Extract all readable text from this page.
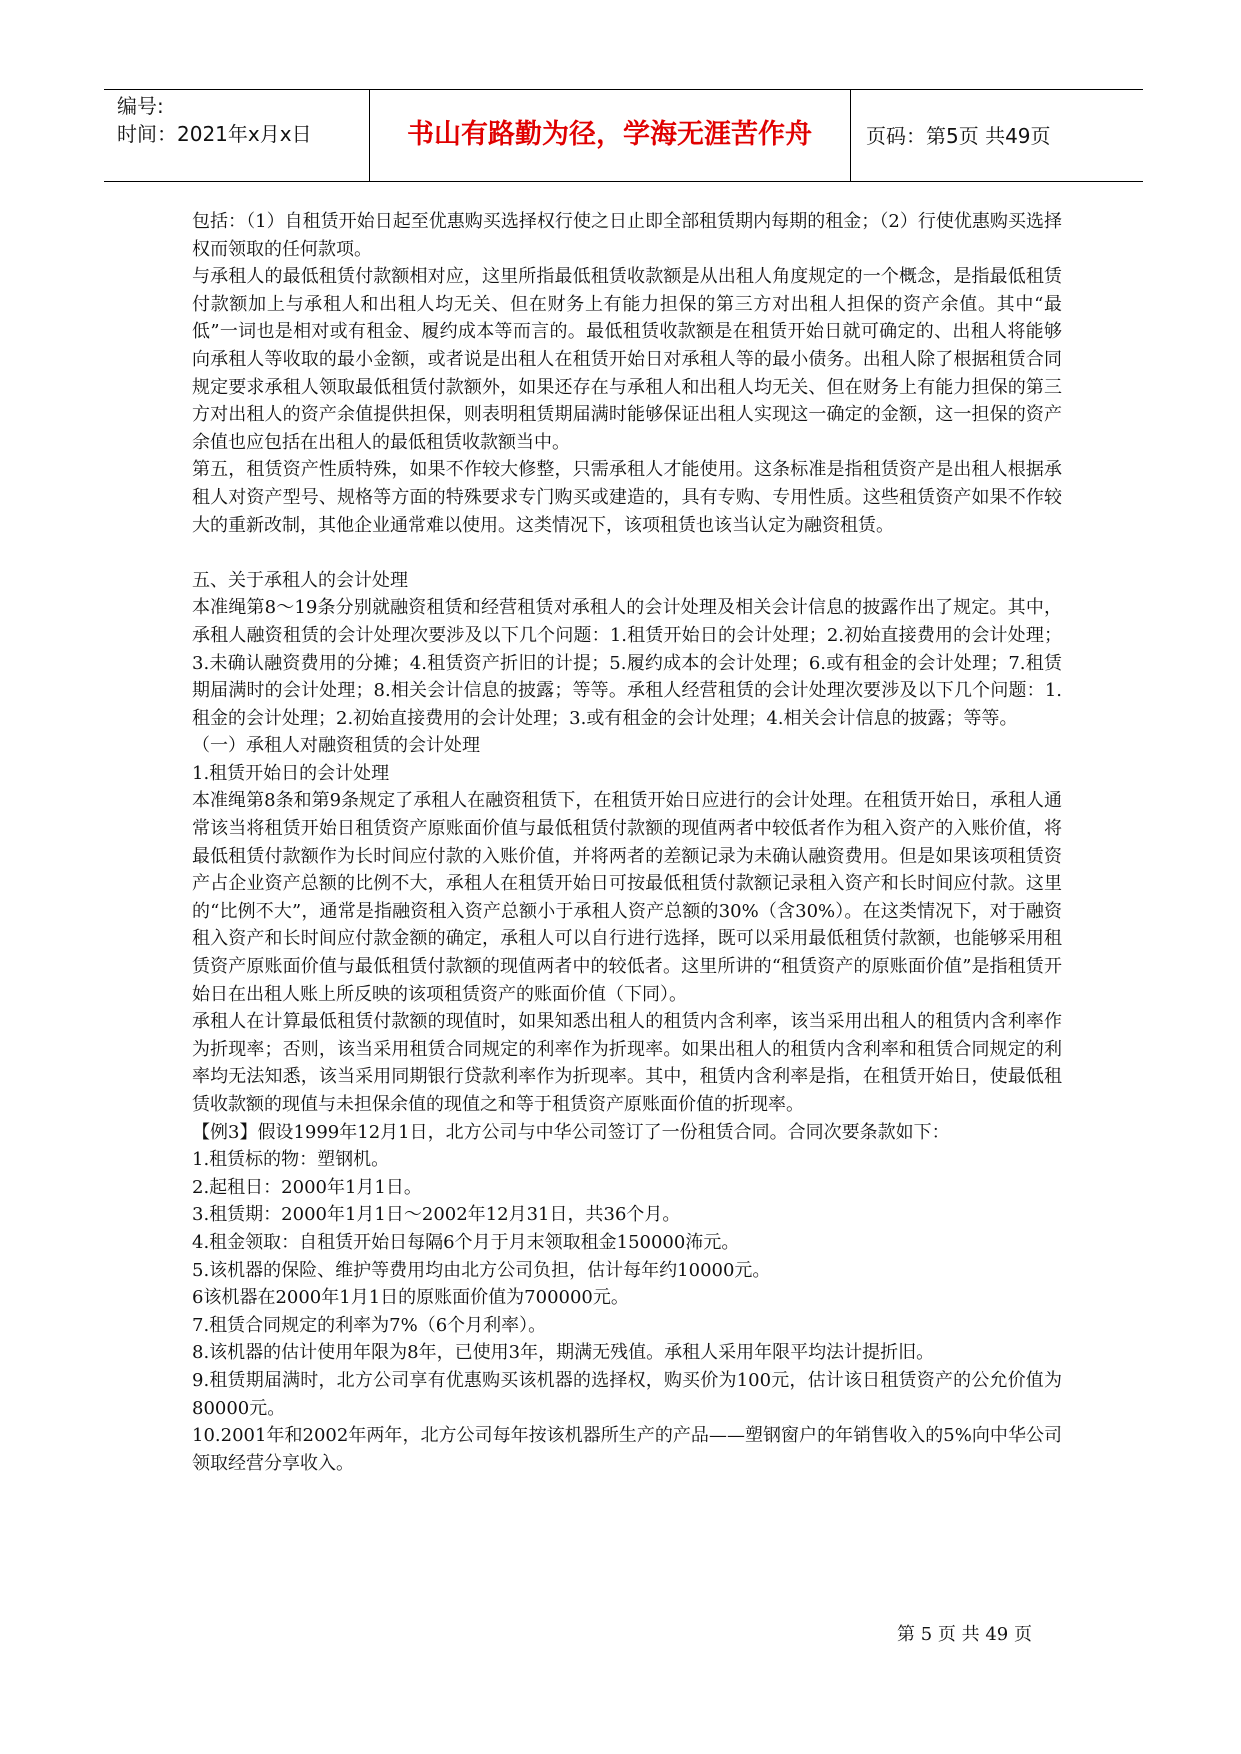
编号:
时间：2021年x月x日	书山有路勤为径，学海无涯苦作舟	页码：第5页 共49页

包括：（1）自租赁开始日起至优惠购买选择权行使之日止即全部租赁期内每期的租金；（2）行使优惠购买选择权而领取的任何款项。

与承租人的最低租赁付款额相对应，这里所指最低租赁收款额是从出租人角度规定的一个概念，是指最低租赁付款额加上与承租人和出租人均无关、但在财务上有能力担保的第三方对出租人担保的资产余值。其中“最低”一词也是相对或有租金、履约成本等而言的。最低租赁收款额是在租赁开始日就可确定的、出租人将能够向承租人等收取的最小金额，或者说是出租人在租赁开始日对承租人等的最小债务。出租人除了根据租赁合同规定要求承租人领取最低租赁付款额外，如果还存在与承租人和出租人均无关、但在财务上有能力担保的第三方对出租人的资产余值提供担保，则表明租赁期届满时能够保证出租人实现这一确定的金额，这一担保的资产余值也应包括在出租人的最低租赁收款额当中。

第五，租赁资产性质特殊，如果不作较大修整，只需承租人才能使用。这条标准是指租赁资产是出租人根据承租人对资产型号、规格等方面的特殊要求专门购买或建造的，具有专购、专用性质。这些租赁资产如果不作较大的重新改制，其他企业通常难以使用。这类情况下，该项租赁也该当认定为融资租赁。

五、关于承租人的会计处理

本准绳第8～19条分别就融资租赁和经营租赁对承租人的会计处理及相关会计信息的披露作出了规定。其中，承租人融资租赁的会计处理次要涉及以下几个问题：1.租赁开始日的会计处理；2.初始直接费用的会计处理；3.未确认融资费用的分摊；4.租赁资产折旧的计提；5.履约成本的会计处理；6.或有租金的会计处理；7.租赁期届满时的会计处理；8.相关会计信息的披露；等等。承租人经营租赁的会计处理次要涉及以下几个问题：1.租金的会计处理；2.初始直接费用的会计处理；3.或有租金的会计处理；4.相关会计信息的披露；等等。

（一）承租人对融资租赁的会计处理

1.租赁开始日的会计处理

本准绳第8条和第9条规定了承租人在融资租赁下，在租赁开始日应进行的会计处理。在租赁开始日，承租人通常该当将租赁开始日租赁资产原账面价值与最低租赁付款额的现值两者中较低者作为租入资产的入账价值，将最低租赁付款额作为长时间应付款的入账价值，并将两者的差额记录为未确认融资费用。但是如果该项租赁资产占企业资产总额的比例不大，承租人在租赁开始日可按最低租赁付款额记录租入资产和长时间应付款。这里的“比例不大”，通常是指融资租入资产总额小于承租人资产总额的30%（含30%）。在这类情况下，对于融资租入资产和长时间应付款金额的确定，承租人可以自行进行选择，既可以采用最低租赁付款额，也能够采用租赁资产原账面价值与最低租赁付款额的现值两者中的较低者。这里所讲的“租赁资产的原账面价值”是指租赁开始日在出租人账上所反映的该项租赁资产的账面价值（下同）。

承租人在计算最低租赁付款额的现值时，如果知悉出租人的租赁内含利率，该当采用出租人的租赁内含利率作为折现率；否则，该当采用租赁合同规定的利率作为折现率。如果出租人的租赁内含利率和租赁合同规定的利率均无法知悉，该当采用同期银行贷款利率作为折现率。其中，租赁内含利率是指，在租赁开始日，使最低租赁收款额的现值与未担保余值的现值之和等于租赁资产原账面价值的折现率。

【例3】假设1999年12月1日，北方公司与中华公司签订了一份租赁合同。合同次要条款如下：

1.租赁标的物：塑钢机。

2.起租日：2000年1月1日。

3.租赁期：2000年1月1日～2002年12月31日，共36个月。

4.租金领取：自租赁开始日每隔6个月于月末领取租金150000㳍元。

5.该机器的保险、维护等费用均由北方公司负担，估计每年约10000元。

6该机器在2000年1月1日的原账面价值为700000元。

7.租赁合同规定的利率为7%（6个月利率）。

8.该机器的估计使用年限为8年，已使用3年，期满无残值。承租人采用年限平均法计提折旧。

9.租赁期届满时，北方公司享有优惠购买该机器的选择权，购买价为100元，估计该日租赁资产的公允价值为80000元。

10.2001年和2002年两年，北方公司每年按该机器所生产的产品——塑钢窗户的年销售收入的5%向中华公司领取经营分享收入。

第 5 页 共 49 页
